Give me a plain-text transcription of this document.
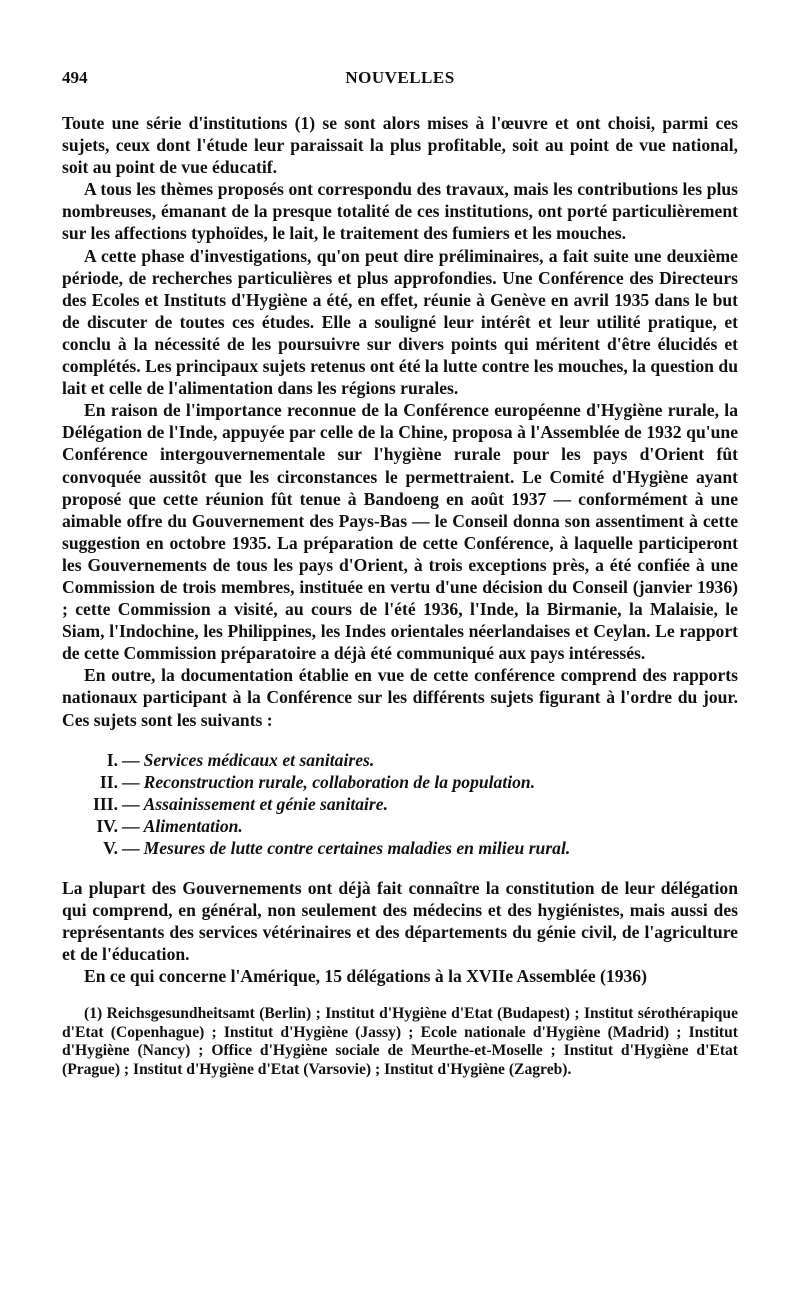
494	NOUVELLES

Toute une série d'institutions (1) se sont alors mises à l'œuvre et ont choisi, parmi ces sujets, ceux dont l'étude leur paraissait la plus profitable, soit au point de vue national, soit au point de vue éducatif.

A tous les thèmes proposés ont correspondu des travaux, mais les contributions les plus nombreuses, émanant de la presque totalité de ces institutions, ont porté particulièrement sur les affections typhoïdes, le lait, le traitement des fumiers et les mouches.

A cette phase d'investigations, qu'on peut dire préliminaires, a fait suite une deuxième période, de recherches particulières et plus approfondies. Une Conférence des Directeurs des Ecoles et Instituts d'Hygiène a été, en effet, réunie à Genève en avril 1935 dans le but de discuter de toutes ces études. Elle a souligné leur intérêt et leur utilité pratique, et conclu à la nécessité de les poursuivre sur divers points qui méritent d'être élucidés et complétés. Les principaux sujets retenus ont été la lutte contre les mouches, la question du lait et celle de l'alimentation dans les régions rurales.

En raison de l'importance reconnue de la Conférence européenne d'Hygiène rurale, la Délégation de l'Inde, appuyée par celle de la Chine, proposa à l'Assemblée de 1932 qu'une Conférence intergouvernementale sur l'hygiène rurale pour les pays d'Orient fût convoquée aussitôt que les circonstances le permettraient. Le Comité d'Hygiène ayant proposé que cette réunion fût tenue à Bandoeng en août 1937 — conformément à une aimable offre du Gouvernement des Pays-Bas — le Conseil donna son assentiment à cette suggestion en octobre 1935. La préparation de cette Conférence, à laquelle participeront les Gouvernements de tous les pays d'Orient, à trois exceptions près, a été confiée à une Commission de trois membres, instituée en vertu d'une décision du Conseil (janvier 1936) ; cette Commission a visité, au cours de l'été 1936, l'Inde, la Birmanie, la Malaisie, le Siam, l'Indochine, les Philippines, les Indes orientales néerlandaises et Ceylan. Le rapport de cette Commission préparatoire a déjà été communiqué aux pays intéressés.

En outre, la documentation établie en vue de cette conférence comprend des rapports nationaux participant à la Conférence sur les différents sujets figurant à l'ordre du jour. Ces sujets sont les suivants :

I. — Services médicaux et sanitaires.
II. — Reconstruction rurale, collaboration de la population.
III. — Assainissement et génie sanitaire.
IV. — Alimentation.
V. — Mesures de lutte contre certaines maladies en milieu rural.

La plupart des Gouvernements ont déjà fait connaître la constitution de leur délégation qui comprend, en général, non seulement des médecins et des hygiénistes, mais aussi des représentants des services vétérinaires et des départements du génie civil, de l'agriculture et de l'éducation.

En ce qui concerne l'Amérique, 15 délégations à la XVIIe Assemblée (1936)

(1) Reichsgesundheitsamt (Berlin) ; Institut d'Hygiène d'Etat (Budapest) ; Institut sérothérapique d'Etat (Copenhague) ; Institut d'Hygiène (Jassy) ; Ecole nationale d'Hygiène (Madrid) ; Institut d'Hygiène (Nancy) ; Office d'Hygiène sociale de Meurthe-et-Moselle ; Institut d'Hygiène d'Etat (Prague) ; Institut d'Hygiène d'Etat (Varsovie) ; Institut d'Hygiène (Zagreb).
